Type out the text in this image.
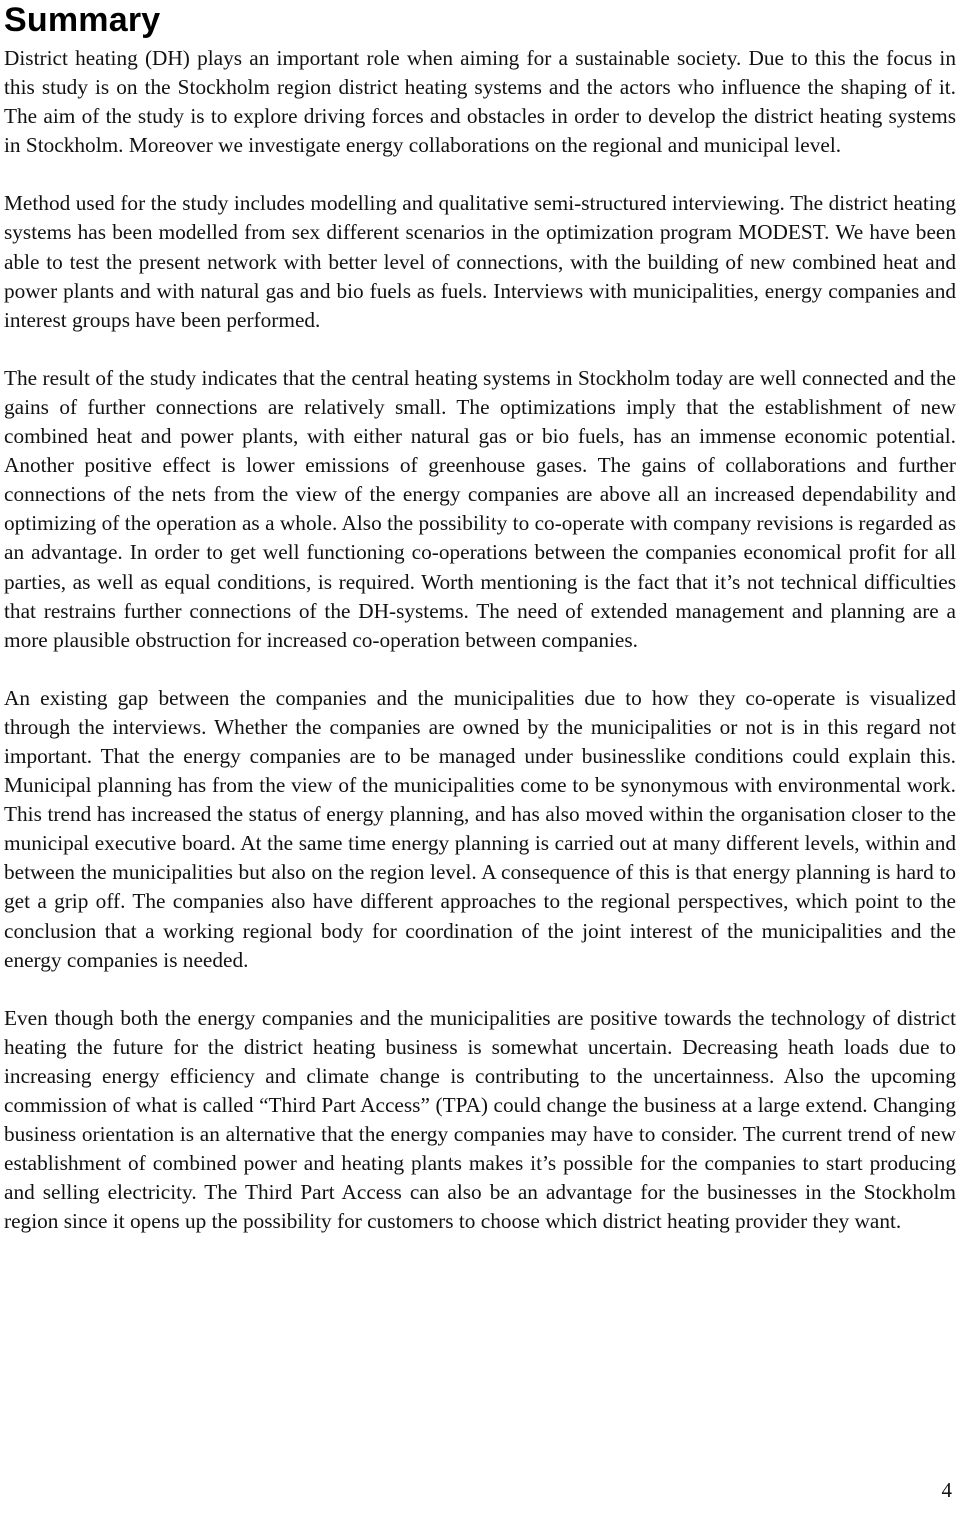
Summary

District heating (DH) plays an important role when aiming for a sustainable society. Due to this the focus in this study is on the Stockholm region district heating systems and the actors who influence the shaping of it. The aim of the study is to explore driving forces and obstacles in order to develop the district heating systems in Stockholm. Moreover we investigate energy collaborations on the regional and municipal level.

Method used for the study includes modelling and qualitative semi-structured interviewing. The district heating systems has been modelled from sex different scenarios in the optimization program MODEST. We have been able to test the present network with better level of connections, with the building of new combined heat and power plants and with natural gas and bio fuels as fuels. Interviews with municipalities, energy companies and interest groups have been performed.

The result of the study indicates that the central heating systems in Stockholm today are well connected and the gains of further connections are relatively small. The optimizations imply that the establishment of new combined heat and power plants, with either natural gas or bio fuels, has an immense economic potential. Another positive effect is lower emissions of greenhouse gases. The gains of collaborations and further connections of the nets from the view of the energy companies are above all an increased dependability and optimizing of the operation as a whole. Also the possibility to co-operate with company revisions is regarded as an advantage. In order to get well functioning co-operations between the companies economical profit for all parties, as well as equal conditions, is required. Worth mentioning is the fact that it’s not technical difficulties that restrains further connections of the DH-systems. The need of extended management and planning are a more plausible obstruction for increased co-operation between companies.

An existing gap between the companies and the municipalities due to how they co-operate is visualized through the interviews. Whether the companies are owned by the municipalities or not is in this regard not important. That the energy companies are to be managed under businesslike conditions could explain this. Municipal planning has from the view of the municipalities come to be synonymous with environmental work. This trend has increased the status of energy planning, and has also moved within the organisation closer to the municipal executive board. At the same time energy planning is carried out at many different levels, within and between the municipalities but also on the region level. A consequence of this is that energy planning is hard to get a grip off. The companies also have different approaches to the regional perspectives, which point to the conclusion that a working regional body for coordination of the joint interest of the municipalities and the energy companies is needed.

Even though both the energy companies and the municipalities are positive towards the technology of district heating the future for the district heating business is somewhat uncertain. Decreasing heath loads due to increasing energy efficiency and climate change is contributing to the uncertainness. Also the upcoming commission of what is called “Third Part Access” (TPA) could change the business at a large extend. Changing business orientation is an alternative that the energy companies may have to consider. The current trend of new establishment of combined power and heating plants makes it’s possible for the companies to start producing and selling electricity. The Third Part Access can also be an advantage for the businesses in the Stockholm region since it opens up the possibility for customers to choose which district heating provider they want.

4
